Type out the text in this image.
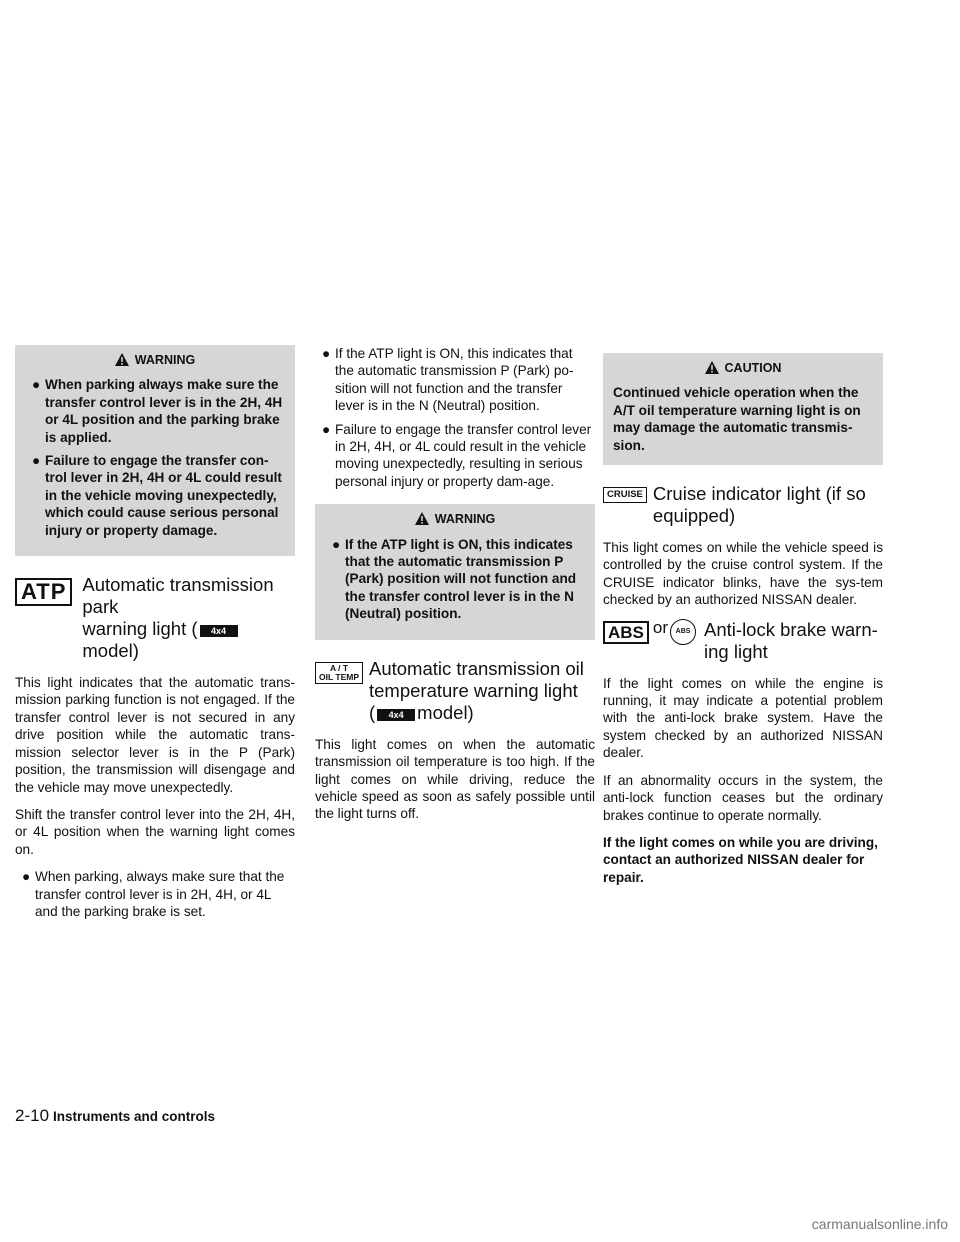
WARNING
● When parking always make sure the transfer control lever is in the 2H, 4H or 4L position and the parking brake is applied.
● Failure to engage the transfer con-trol lever in 2H, 4H or 4L could result in the vehicle moving unexpectedly, which could cause serious personal injury or property damage.
ATP Automatic transmission park
warning light ( 4x4model)

This light indicates that the automatic trans-mission parking function is not engaged. If the transfer control lever is not secured in any drive position while the automatic trans-mission selector lever is in the P (Park) position, the transmission will disengage and the vehicle may move unexpectedly.

Shift the transfer control lever into the 2H, 4H, or 4L position when the warning light comes on.

● When parking, always make sure that the transfer control lever is in 2H, 4H, or 4L and the parking brake is set.
● If the ATP light is ON, this indicates that the automatic transmission P (Park) po-sition will not function and the transfer lever is in the N (Neutral) position.
● Failure to engage the transfer control lever in 2H, 4H, or 4L could result in the vehicle moving unexpectedly, resulting in serious personal injury or property dam-age.
WARNING
● If the ATP light is ON, this indicates that the automatic transmission P (Park) position will not function and the transfer control lever is in the N (Neutral) position.
A / T
OIL TEMP Automatic transmission oil
temperature warning light
( 4x4 model)

This light comes on when the automatic transmission oil temperature is too high. If the light comes on while driving, reduce the vehicle speed as soon as safely possible until the light turns off.

CAUTION

Continued vehicle operation when the A/T oil temperature warning light is on may damage the automatic transmis-sion.

CRUISE Cruise indicator light (if so
equipped)

This light comes on while the vehicle speed is controlled by the cruise control system. If the CRUISE indicator blinks, have the sys-tem checked by an authorized NISSAN dealer.

ABS or	ABS Anti-lock brake warn-
ing light

If the light comes on while the engine is running, it may indicate a potential problem with the anti-lock brake system. Have the system checked by an authorized NISSAN dealer.

If an abnormality occurs in the system, the anti-lock function ceases but the ordinary brakes continue to operate normally.

If the light comes on while you are driving, contact an authorized NISSAN dealer for repair.

2-10 Instruments and controls
carmanualsonline.info
